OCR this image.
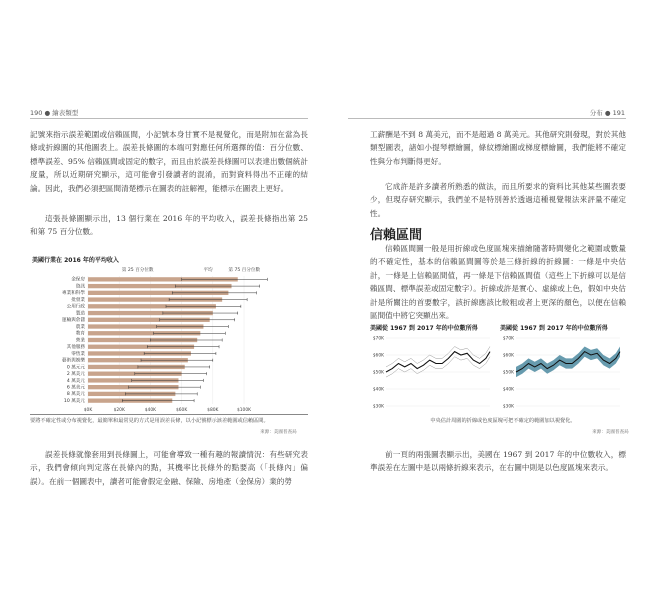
190 ● 繪表類型

記號來指示誤差範圍或信賴區間，小記號本身甘實不是視覺化，而是附加在當為長條或折線圖的其他圖表上。誤差長條圖的本端可對應任何所選擇的值：百分位數、標準誤差、95% 信賴區間或固定的數字，而且由於誤差長條圖可以表達出數個統計度量，所以近期研究顯示，這可能會引發讀者的混淆，而對資料得出不正確的結論。因此，我們必須把區間清楚標示在圖表的註解裡，能標示在圖表上更好。

這張長條圖顯示出，13 個行業在 2016 年的平均收入，誤差長條指出第 25 和第 75 百分位數。

美國行業在 2016 年的平均收入
第 25 百分位數	平均	第 75 百分位數
$0K	$20K	$40K	$60K	$80K	$100K
金保房
資訊
專業和科學
批發業
公用行政
製造
運輸與倉儲
農業
教育
營業
其他服務
零售業
藝術與娛樂
0 萬元元
2 萬美元
4 萬美元
6 萬美元
8 萬美元
10 萬美元

要將不確定性或分布視覺化，最簡單和最常見的方式是用誤差長條，以小記號標示該差範圍或信賴區間。

來源：美國普查局

誤差長條就像套用到長條圖上，可能會導致一種有趣的報讀情況：有些研究表示，我們會傾向判定落在長條內的點，其機率比長條外的點要高（「長條內」偏誤）。在前一個圖表中，讀者可能會假定金融、保險、房地產（金保房）業的勞

分布 ● 191

工薪酬是不到 8 萬美元，而不是超過 8 萬美元。其他研究則發現，對於其他類型圖表，諸如小提琴標繪圖，條紋標繪圖或梯度標繪圖，我們能將不確定性與分布判斷得更好。

它成許是許多讀者所熟悉的做法，而且所要求的資料比其他某些圖表要少，但現存研究顯示，我們並不是特別善於透過這種視覺報法來評量不確定性。

信賴區間

信賴區間圖一般是用折線或色度區塊來描繪隨著時間變化之範圍或數量的不確定性，基本的信賴區間圖等於是三條折線的折線圖：一條是中央估計，一條是上信賴區間值，再一條是下信賴區間值（這些上下折線可以是信賴區間、標準誤差或固定數字）。折線或許是實心、虛線或上色，假如中央估計是所關注的首要數字，該折線應該比較粗或者上更深的顏色，以便在信賴區間值中將它突顯出來。

美國從 1967 到 2017 年的中位數所得
$70K
$60K
$50K
$40K
$30K
美國從 1967 到 2017 年的中位數所得
$70K
$60K
$50K
$40K
$30K

中央估計周圍的折線或色度區塊可把不確定的範圍加以視覺化。

來源：美國普查局

前一頁的兩張圖表顯示出，美國在 1967 到 2017 年的中位數收入，標準誤差在左圖中是以兩條折線來表示，在右圖中則是以色度區塊來表示。
